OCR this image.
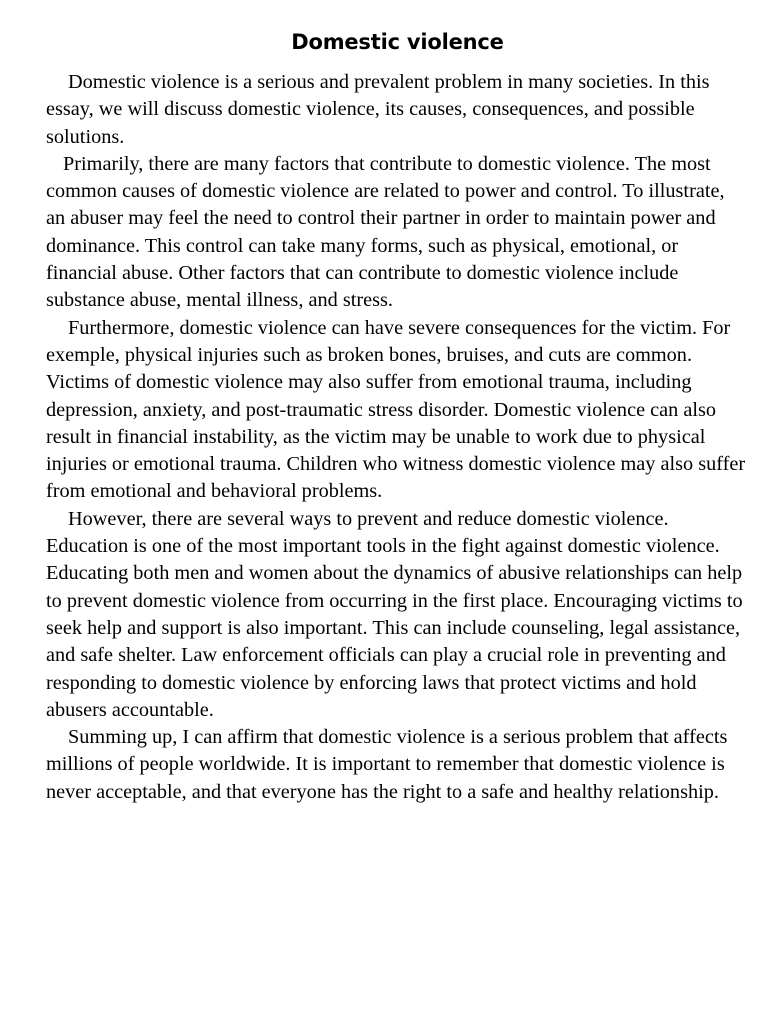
Domestic violence

Domestic violence is a serious and prevalent problem in many societies. In this essay, we will discuss domestic violence, its causes, consequences, and possible solutions.

Primarily, there are many factors that contribute to domestic violence. The most common causes of domestic violence are related to power and control. To illustrate, an abuser may feel the need to control their partner in order to maintain power and dominance. This control can take many forms, such as physical, emotional, or financial abuse. Other factors that can contribute to domestic violence include substance abuse, mental illness, and stress.

Furthermore, domestic violence can have severe consequences for the victim. For exemple, physical injuries such as broken bones, bruises, and cuts are common. Victims of domestic violence may also suffer from emotional trauma, including depression, anxiety, and post-traumatic stress disorder. Domestic violence can also result in financial instability, as the victim may be unable to work due to physical injuries or emotional trauma. Children who witness domestic violence may also suffer from emotional and behavioral problems.

However, there are several ways to prevent and reduce domestic violence. Education is one of the most important tools in the fight against domestic violence. Educating both men and women about the dynamics of abusive relationships can help to prevent domestic violence from occurring in the first place. Encouraging victims to seek help and support is also important. This can include counseling, legal assistance, and safe shelter. Law enforcement officials can play a crucial role in preventing and responding to domestic violence by enforcing laws that protect victims and hold abusers accountable.

Summing up, I can affirm that domestic violence is a serious problem that affects millions of people worldwide. It is important to remember that domestic violence is never acceptable, and that everyone has the right to a safe and healthy relationship.
